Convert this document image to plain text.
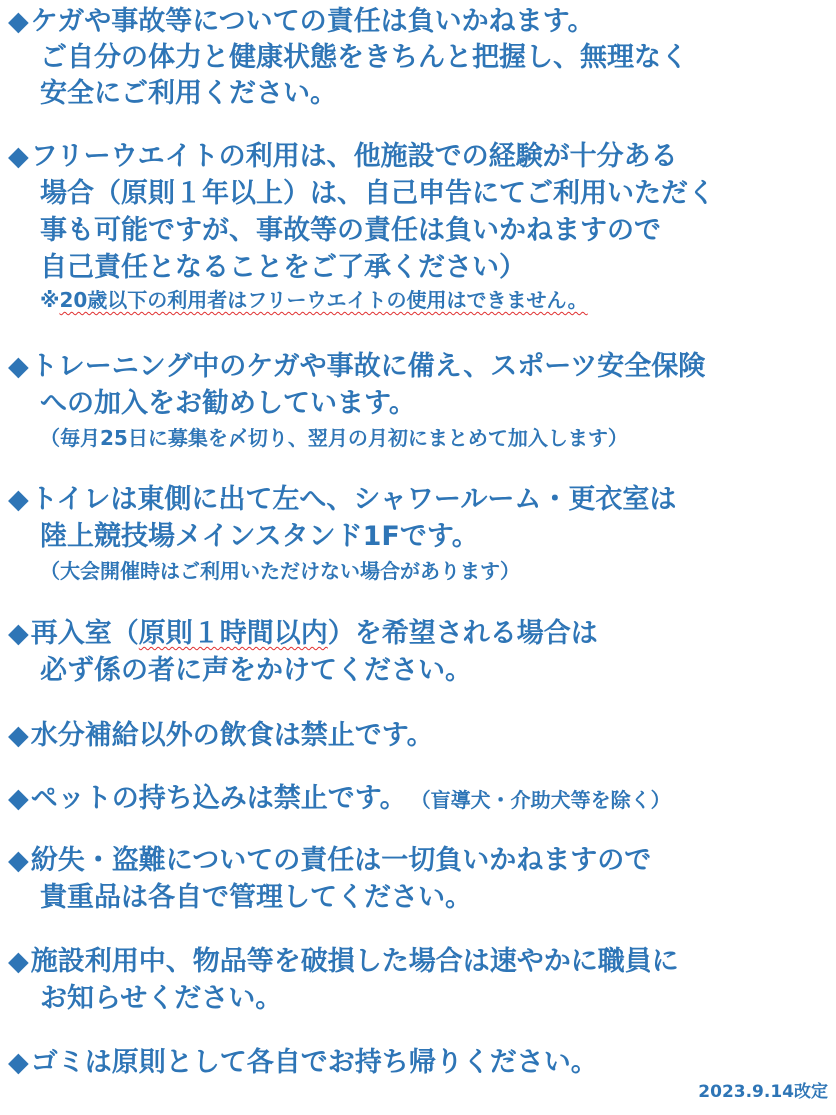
◆ケガや事故等についての責任は負いかねます。
ご自分の体力と健康状態をきちんと把握し、無理なく
安全にご利用ください。
◆フリーウエイトの利用は、他施設での経験が十分ある
場合（原則１年以上）は、自己申告にてご利用いただく
事も可能ですが、事故等の責任は負いかねますので
自己責任となることをご了承ください）
※20歳以下の利用者はフリーウエイトの使用はできません。
◆トレーニング中のケガや事故に備え、スポーツ安全保険
への加入をお勧めしています。
（毎月25日に募集を〆切り、翌月の月初にまとめて加入します）
◆トイレは東側に出て左へ、シャワールーム・更衣室は
陸上競技場メインスタンド1Fです。
（大会開催時はご利用いただけない場合があります）
◆再入室（原則１時間以内）を希望される場合は
必ず係の者に声をかけてください。
◆水分補給以外の飲食は禁止です。
◆ペットの持ち込みは禁止です。 （盲導犬・介助犬等を除く）
◆紛失・盗難についての責任は一切負いかねますので
貴重品は各自で管理してください。
◆施設利用中、物品等を破損した場合は速やかに職員に
お知らせください。
◆ゴミは原則として各自でお持ち帰りください。
2023.9.14改定
